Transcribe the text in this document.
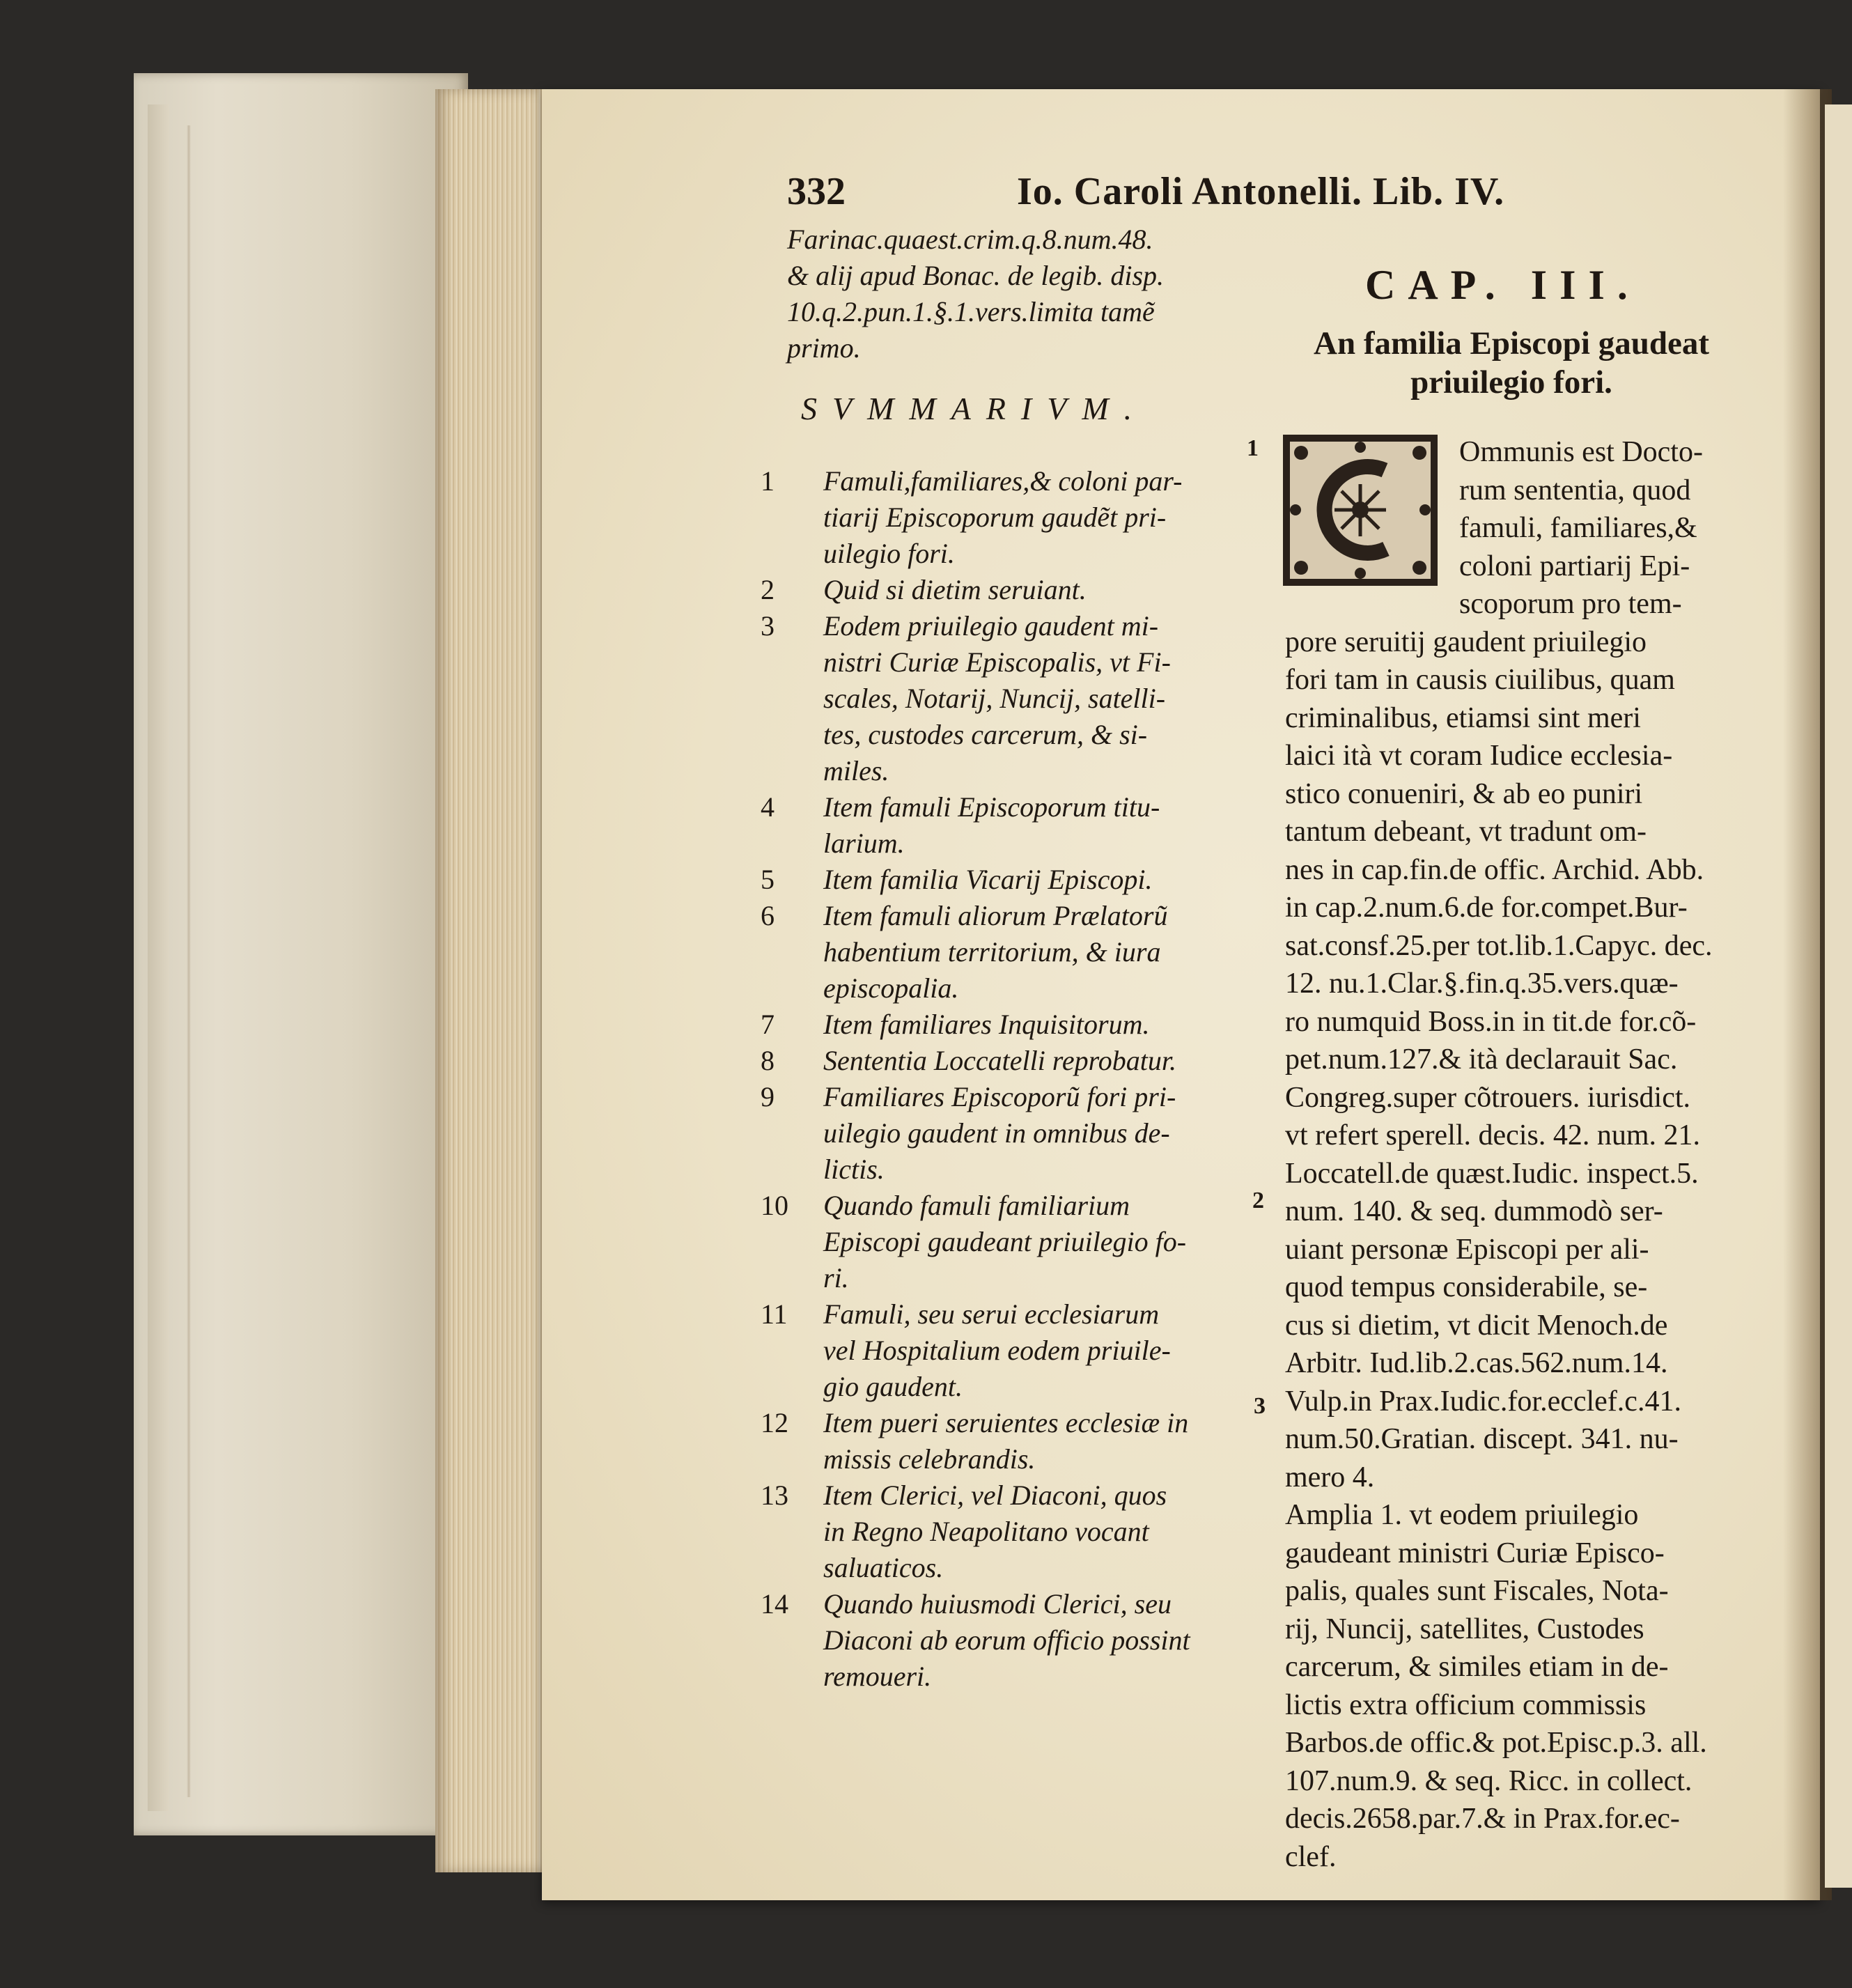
332	Io. Caroli Antonelli. Lib. IV.
Farinac.quaest.crim.q.8.num.48.
& alij apud Bonac. de legib. disp.
10.q.2.pun.1.§.1.vers.limita tamẽ
primo.
SVMMARIVM.
1	Famuli,familiares,& coloni par-
tiarij Episcoporum gaudẽt pri-
uilegio fori.
2	Quid si dietim seruiant.
3	Eodem priuilegio gaudent mi-
nistri Curiæ Episcopalis, vt Fi-
scales, Notarij, Nuncij, satelli-
tes, custodes carcerum, & si-
miles.
4	Item famuli Episcoporum titu-
larium.
5	Item familia Vicarij Episcopi.
6	Item famuli aliorum Prælatorũ
habentium territorium, & iura
episcopalia.
7	Item familiares Inquisitorum.
8	Sententia Loccatelli reprobatur.
9	Familiares Episcoporũ fori pri-
uilegio gaudent in omnibus de-
lictis.
10	Quando famuli familiarium
Episcopi gaudeant priuilegio fo-
ri.
11	Famuli, seu serui ecclesiarum
vel Hospitalium eodem priuile-
gio gaudent.
12	Item pueri seruientes ecclesiæ in
missis celebrandis.
13	Item Clerici, vel Diaconi, quos
in Regno Neapolitano vocant
saluaticos.
14	Quando huiusmodi Clerici, seu
Diaconi ab eorum officio possint
remoueri.
CAP. III.
An familia Episcopi gaudeat
priuilegio fori.
Ommunis est Docto-
rum sententia, quod
famuli, familiares,&
coloni partiarij Epi-
scoporum pro tem-
pore seruitij gaudent priuilegio
fori tam in causis ciuilibus, quam
criminalibus, etiamsi sint meri
laici ità vt coram Iudice ecclesia-
stico conueniri, & ab eo puniri
tantum debeant, vt tradunt om-
nes in cap.fin.de offic. Archid. Abb.
in cap.2.num.6.de for.compet.Bur-
sat.consf.25.per tot.lib.1.Capyc. dec.
12. nu.1.Clar.§.fin.q.35.vers.quæ-
ro numquid Boss.in in tit.de for.cõ-
pet.num.127.& ità declarauit Sac.
Congreg.super cõtrouers. iurisdict.
vt refert sperell. decis. 42. num. 21.
Loccatell.de quæst.Iudic. inspect.5.
num. 140. & seq. dummodò ser-
uiant personæ Episcopi per ali-
quod tempus considerabile, se-
cus si dietim, vt dicit Menoch.de
Arbitr. Iud.lib.2.cas.562.num.14.
Vulp.in Prax.Iudic.for.ecclef.c.41.
num.50.Gratian. discept. 341. nu-
mero 4.
Amplia 1. vt eodem priuilegio
gaudeant ministri Curiæ Episco-
palis, quales sunt Fiscales, Nota-
rij, Nuncij, satellites, Custodes
carcerum, & similes etiam in de-
lictis extra officium commissis
Barbos.de offic.& pot.Episc.p.3. all.
107.num.9. & seq. Ricc. in collect.
decis.2658.par.7.& in Prax.for.ec-
clef.
1
2
3
